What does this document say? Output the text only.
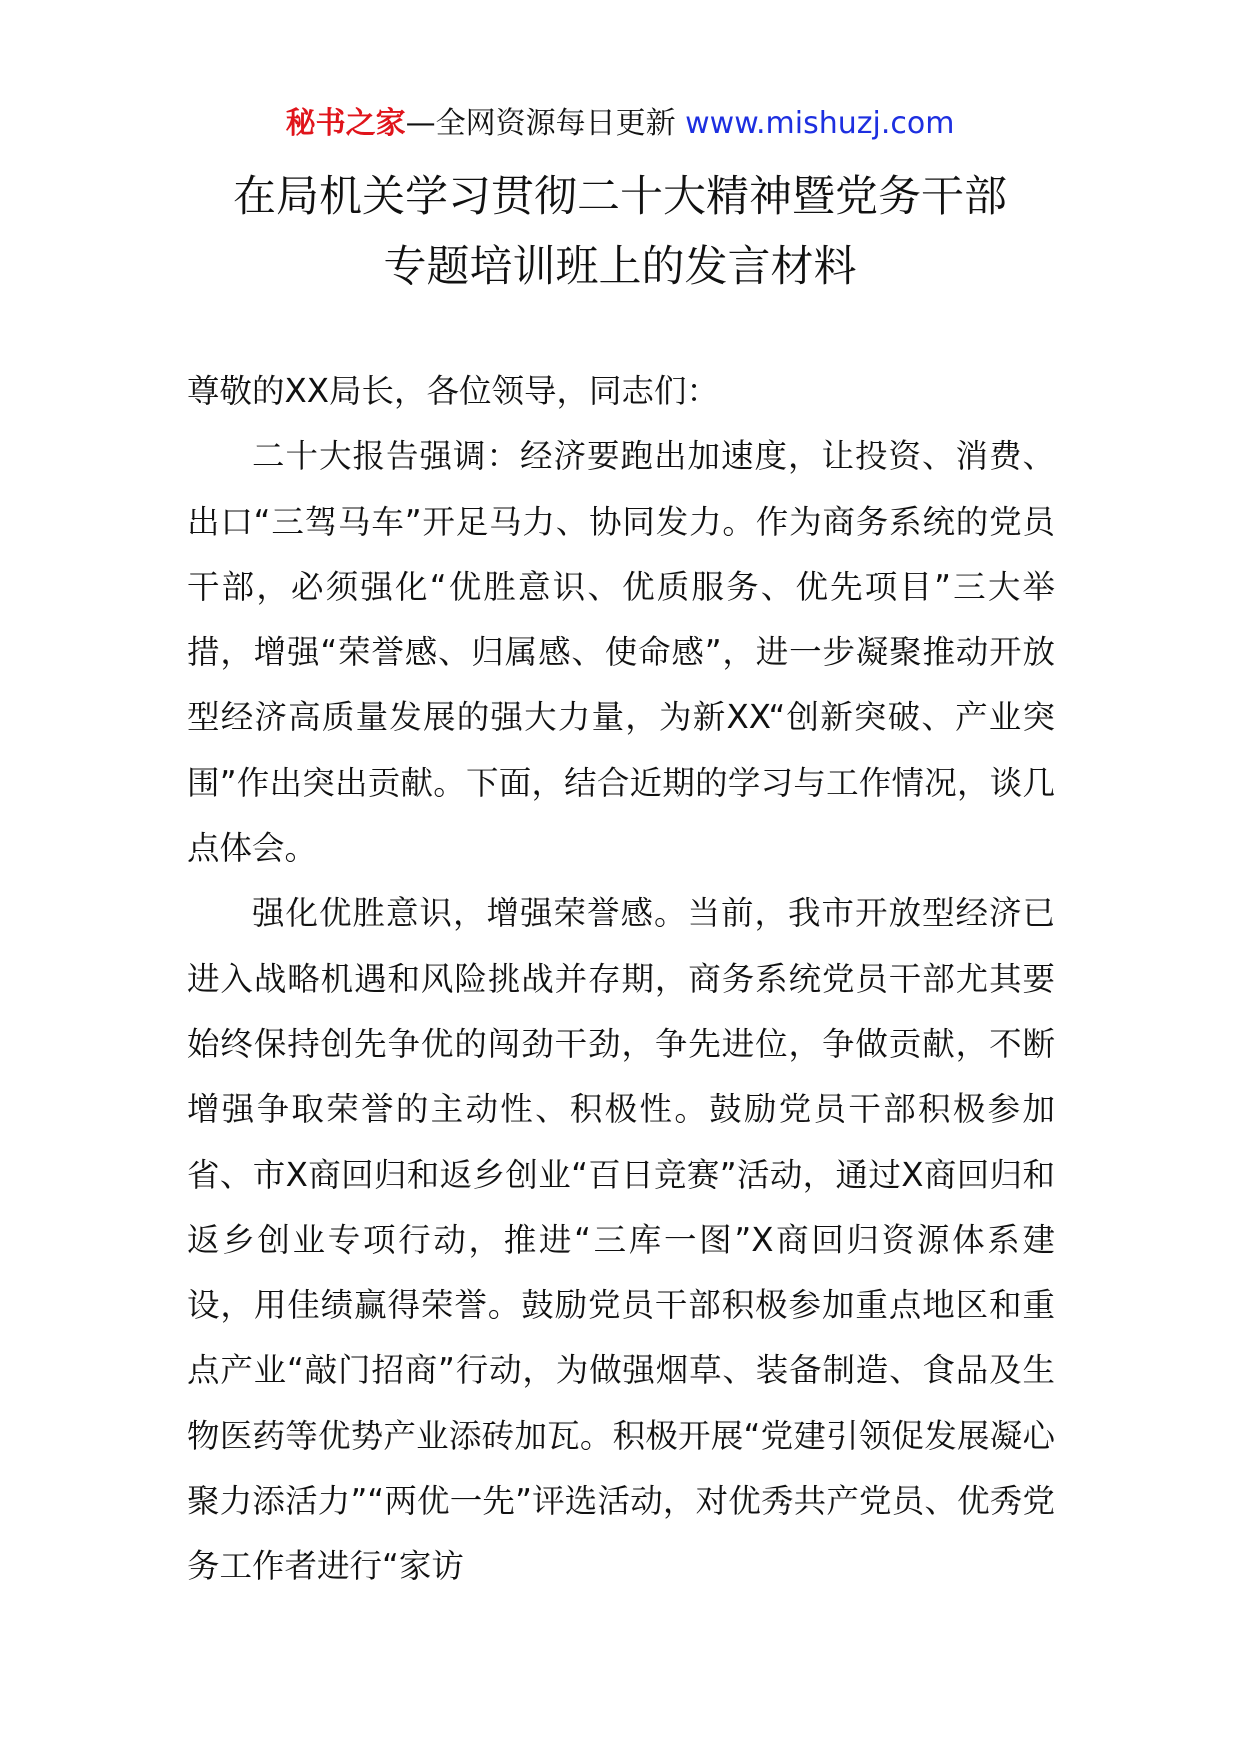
秘书之家—全网资源每日更新 www.mishuzj.com
在局机关学习贯彻二十大精神暨党务干部
专题培训班上的发言材料

尊敬的XX局长，各位领导，同志们：

二十大报告强调：经济要跑出加速度，让投资、消费、出口“三驾马车”开足马力、协同发力。作为商务系统的党员干部，必须强化“优胜意识、优质服务、优先项目”三大举措，增强“荣誉感、归属感、使命感”，进一步凝聚推动开放型经济高质量发展的强大力量，为新XX“创新突破、产业突围”作出突出贡献。下面，结合近期的学习与工作情况，谈几点体会。

强化优胜意识，增强荣誉感。当前，我市开放型经济已进入战略机遇和风险挑战并存期，商务系统党员干部尤其要始终保持创先争优的闯劲干劲，争先进位，争做贡献，不断增强争取荣誉的主动性、积极性。鼓励党员干部积极参加省、市X商回归和返乡创业“百日竞赛”活动，通过X商回归和返乡创业专项行动，推进“三库一图”X商回归资源体系建设，用佳绩赢得荣誉。鼓励党员干部积极参加重点地区和重点产业“敲门招商”行动，为做强烟草、装备制造、食品及生物医药等优势产业添砖加瓦。积极开展“党建引领促发展凝心聚力添活力”“两优一先”评选活动，对优秀共产党员、优秀党务工作者进行“家访
